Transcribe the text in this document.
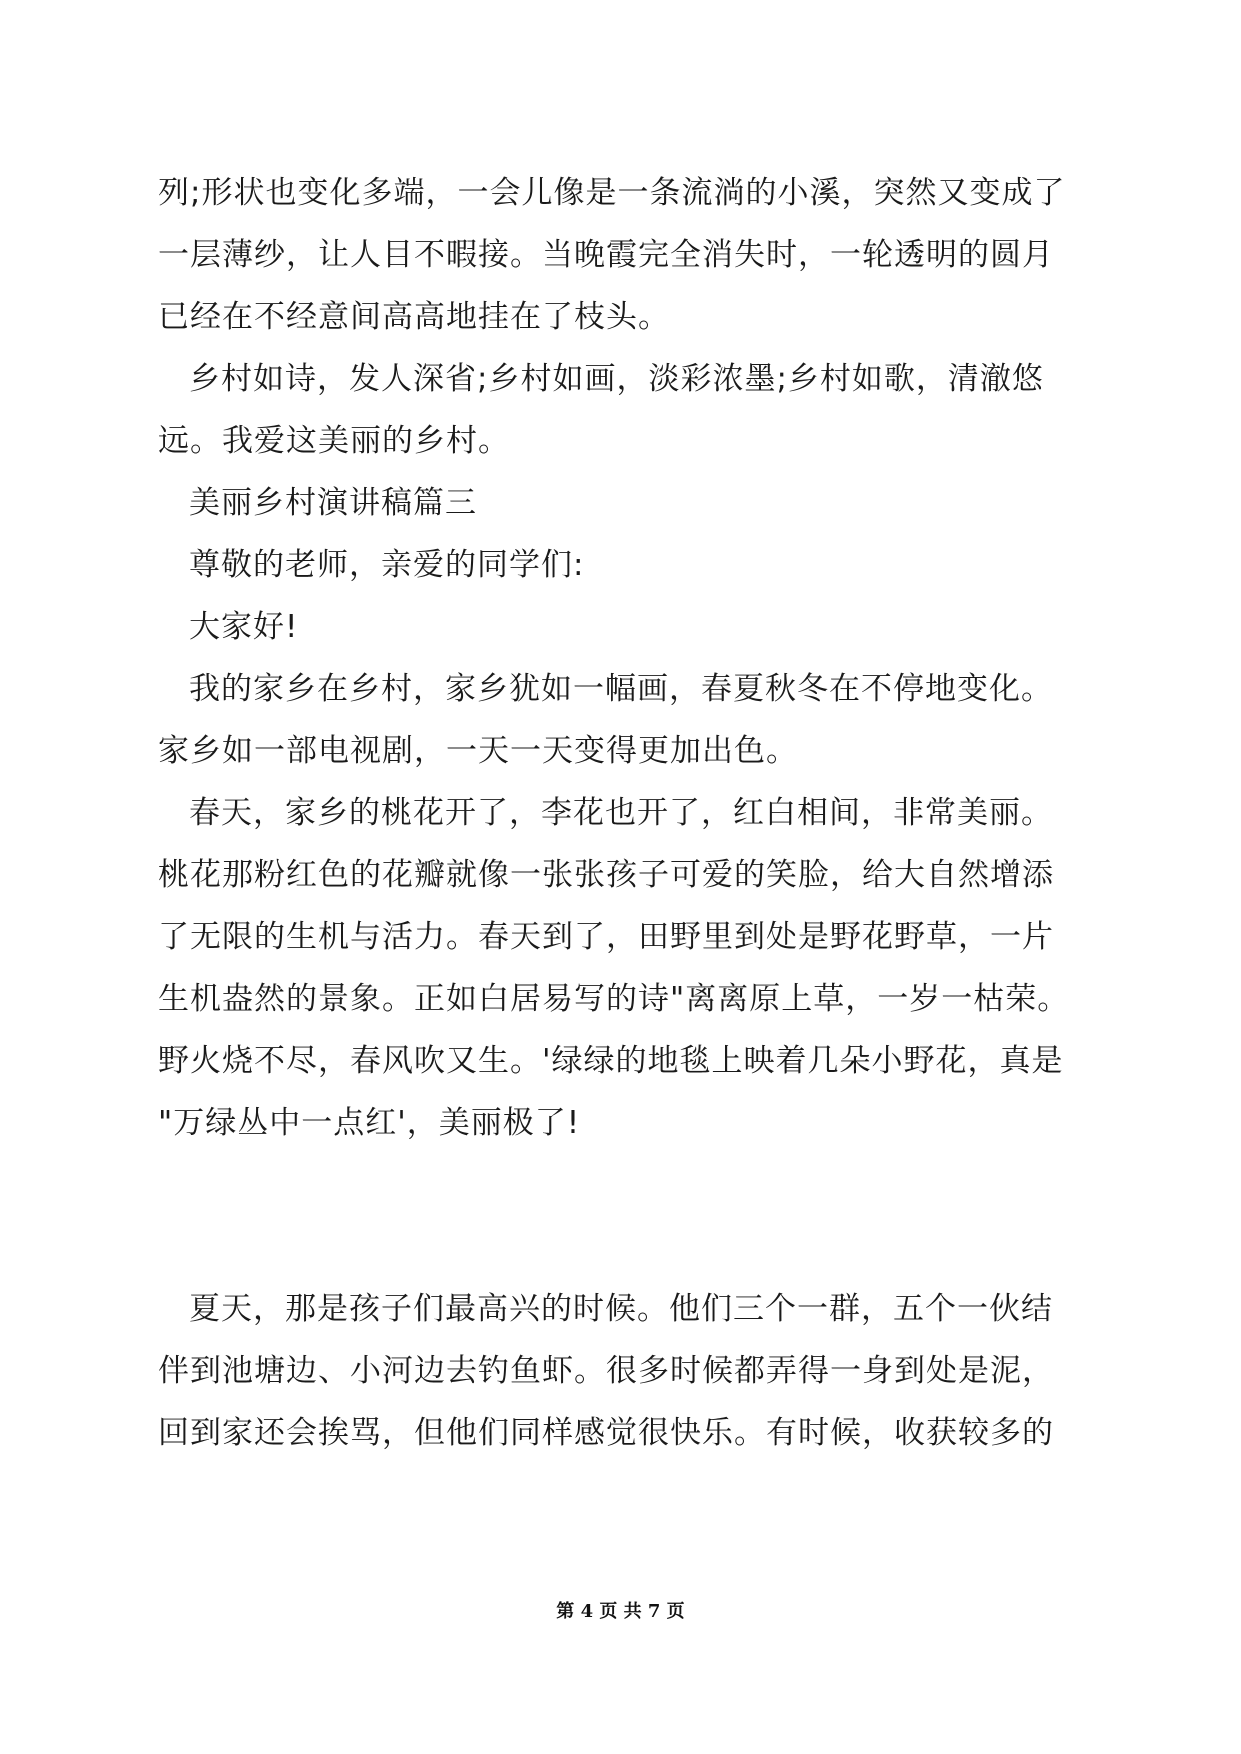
列;形状也变化多端，一会儿像是一条流淌的小溪，突然又变成了
一层薄纱，让人目不暇接。当晚霞完全消失时，一轮透明的圆月
已经在不经意间高高地挂在了枝头。
乡村如诗，发人深省;乡村如画，淡彩浓墨;乡村如歌，清澈悠
远。我爱这美丽的乡村。
美丽乡村演讲稿篇三
尊敬的老师，亲爱的同学们:
大家好!
我的家乡在乡村，家乡犹如一幅画，春夏秋冬在不停地变化。
家乡如一部电视剧，一天一天变得更加出色。
春天，家乡的桃花开了，李花也开了，红白相间，非常美丽。
桃花那粉红色的花瓣就像一张张孩子可爱的笑脸，给大自然增添
了无限的生机与活力。春天到了，田野里到处是野花野草，一片
生机盎然的景象。正如白居易写的诗"离离原上草，一岁一枯荣。
野火烧不尽，春风吹又生。'绿绿的地毯上映着几朵小野花，真是
"万绿丛中一点红'，美丽极了!
夏天，那是孩子们最高兴的时候。他们三个一群，五个一伙结
伴到池塘边、小河边去钓鱼虾。很多时候都弄得一身到处是泥，
回到家还会挨骂，但他们同样感觉很快乐。有时候，收获较多的
第 4 页 共 7 页
